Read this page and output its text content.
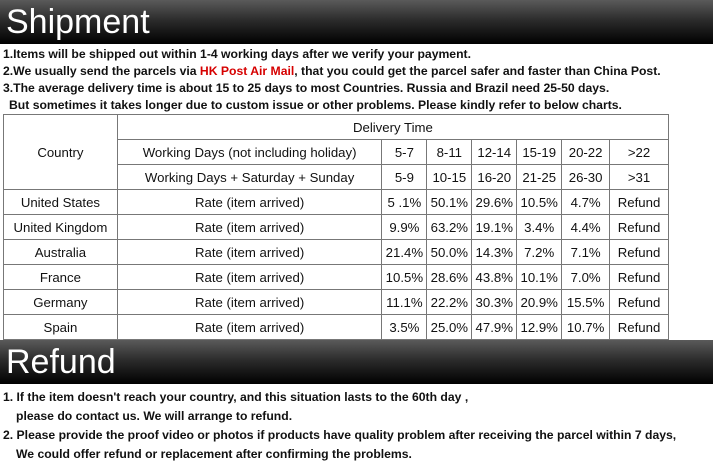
Shipment
1.Items will be shipped out within 1-4 working days after we verify your payment.
2.We usually send the parcels via HK Post Air Mail, that you could get the parcel safer and faster than China Post.
3.The average delivery time is about 15 to 25 days to most Countries. Russia and Brazil need 25-50 days.
But sometimes it takes longer due to custom issue or other problems. Please kindly refer to below charts.
Country	Delivery Time						
	Working Days (not including holiday)	5-7	8-11	12-14	15-19	20-22	>22
	Working Days + Saturday + Sunday	5-9	10-15	16-20	21-25	26-30	>31
United States	Rate (item arrived)	5 .1%	50.1%	29.6%	10.5%	4.7%	Refund
United Kingdom	Rate (item arrived)	9.9%	63.2%	19.1%	3.4%	4.4%	Refund
Australia	Rate (item arrived)	21.4%	50.0%	14.3%	7.2%	7.1%	Refund
France	Rate (item arrived)	10.5%	28.6%	43.8%	10.1%	7.0%	Refund
Germany	Rate (item arrived)	11.1%	22.2%	30.3%	20.9%	15.5%	Refund
Spain	Rate (item arrived)	3.5%	25.0%	47.9%	12.9%	10.7%	Refund
Refund
1. If the item doesn't reach your country, and this situation lasts to the 60th day ,
please do contact us. We will arrange to refund.
2. Please provide the proof video or photos if products have quality problem after receiving the parcel within 7 days,
We could offer refund or replacement after confirming the problems.
